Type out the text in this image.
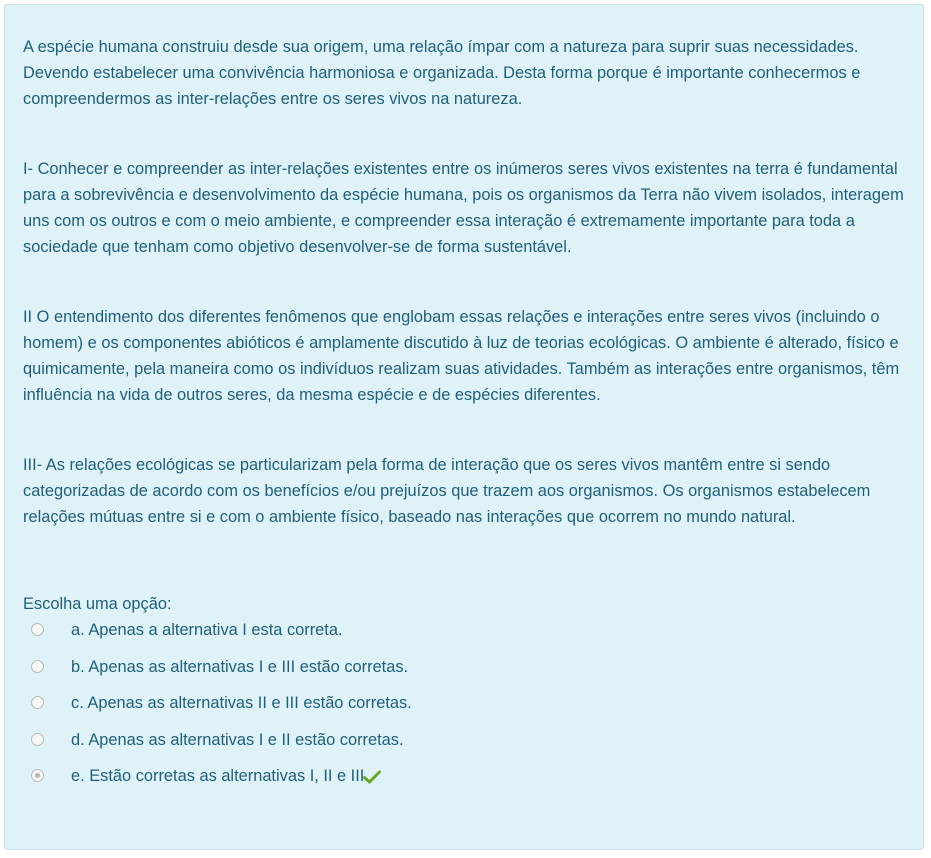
A espécie humana construiu desde sua origem, uma relação ímpar com a natureza para suprir suas necessidades. Devendo estabelecer uma convivência harmoniosa e organizada. Desta forma porque é importante conhecermos e compreendermos as inter-relações entre os seres vivos na natureza.

I- Conhecer e compreender as inter-relações existentes entre os inúmeros seres vivos existentes na terra é fundamental para a sobrevivência e desenvolvimento da espécie humana, pois os organismos da Terra não vivem isolados, interagem uns com os outros e com o meio ambiente, e compreender essa interação é extremamente importante para toda a sociedade que tenham como objetivo desenvolver-se de forma sustentável.

II O entendimento dos diferentes fenômenos que englobam essas relações e interações entre seres vivos (incluindo o homem) e os componentes abióticos é amplamente discutido à luz de teorias ecológicas. O ambiente é alterado, físico e quimicamente, pela maneira como os indivíduos realizam suas atividades. Também as interações entre organismos, têm influência na vida de outros seres, da mesma espécie e de espécies diferentes.

III- As relações ecológicas se particularizam pela forma de interação que os seres vivos mantêm entre si sendo categorizadas de acordo com os benefícios e/ou prejuízos que trazem aos organismos. Os organismos estabelecem relações mútuas entre si e com o ambiente físico, baseado nas interações que ocorrem no mundo natural.

Escolha uma opção:
a. Apenas a alternativa I esta correta.
b. Apenas as alternativas I e III estão corretas.
c. Apenas as alternativas II e III estão corretas.
d. Apenas as alternativas I e II estão corretas.
e. Estão corretas as alternativas I, II e III.
